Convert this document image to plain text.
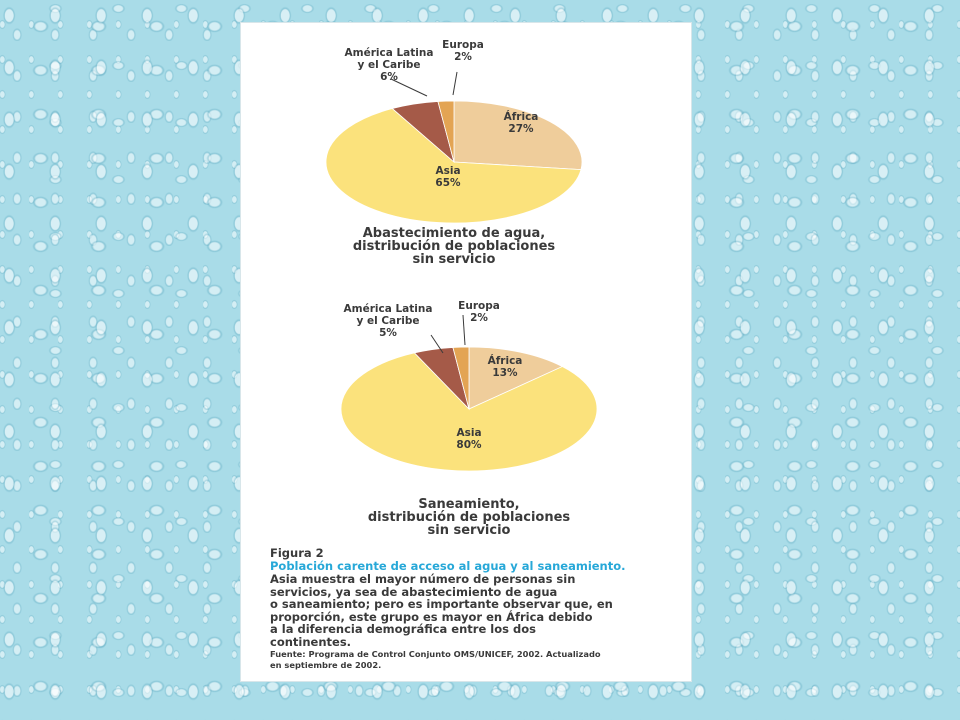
África 27%
Asia 65%
América Latina y el Caribe 6%
Europa 2%
Abastecimiento de agua, distribución de poblaciones sin servicio
África 13%
Asia 80%
América Latina y el Caribe 5%
Europa 2%
Saneamiento, distribución de poblaciones sin servicio
Figura 2
Población carente de acceso al agua y al saneamiento.
Asia muestra el mayor número de personas sin
servicios, ya sea de abastecimiento de agua
o saneamiento; pero es importante observar que, en
proporción, este grupo es mayor en África debido
a la diferencia demográfica entre los dos
continentes.
Fuente: Programa de Control Conjunto OMS/UNICEF, 2002. Actualizado
en septiembre de 2002.
